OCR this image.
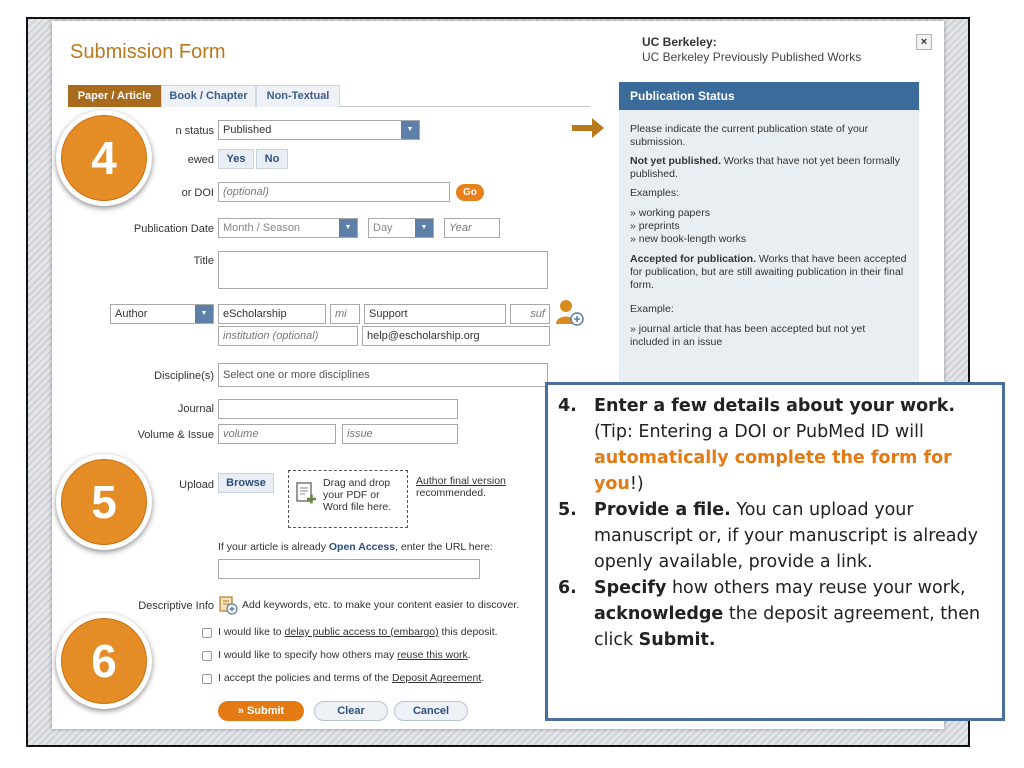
Submission Form	UC Berkeley:
UC Berkeley Previously Published Works
×
Paper / Article	Book / Chapter	Non-Textual
n status Published	▼
ewed	Yes	No
or DOI (optional)	Go
Publication Date Month / Season	▼	Day	▼	Year
Title
Author	▼	eScholarship	mi	Support	suf
institution (optional)	help@escholarship.org
Discipline(s) Select one or more disciplines
Journal
Volume & Issue volume	issue
Upload	Browse	Drag and drop your PDF or Word file here.
Author final version
recommended.
If your article is already Open Access, enter the URL here:
Descriptive Info	Add keywords, etc. to make your content easier to discover.
I would like to delay public access to (embargo) this deposit.
I would like to specify how others may reuse this work.
I accept the policies and terms of the Deposit Agreement.
» Submit	Clear	Cancel
Publication Status
Please indicate the current publication state of your submission.
Not yet published. Works that have not yet been formally published.
Examples:
» working papers
» preprints
» new book-length works
Accepted for publication. Works that have been accepted for publication, but are still awaiting publication in their final form.
Example:
» journal article that has been accepted but not yet included in an issue
4
5
6
4. Enter a few details about your work. (Tip: Entering a DOI or PubMed ID will automatically complete the form for you!)
5. Provide a file. You can upload your manuscript or, if your manuscript is already openly available, provide a link.
6. Specify how others may reuse your work, acknowledge the deposit agreement, then click Submit.
